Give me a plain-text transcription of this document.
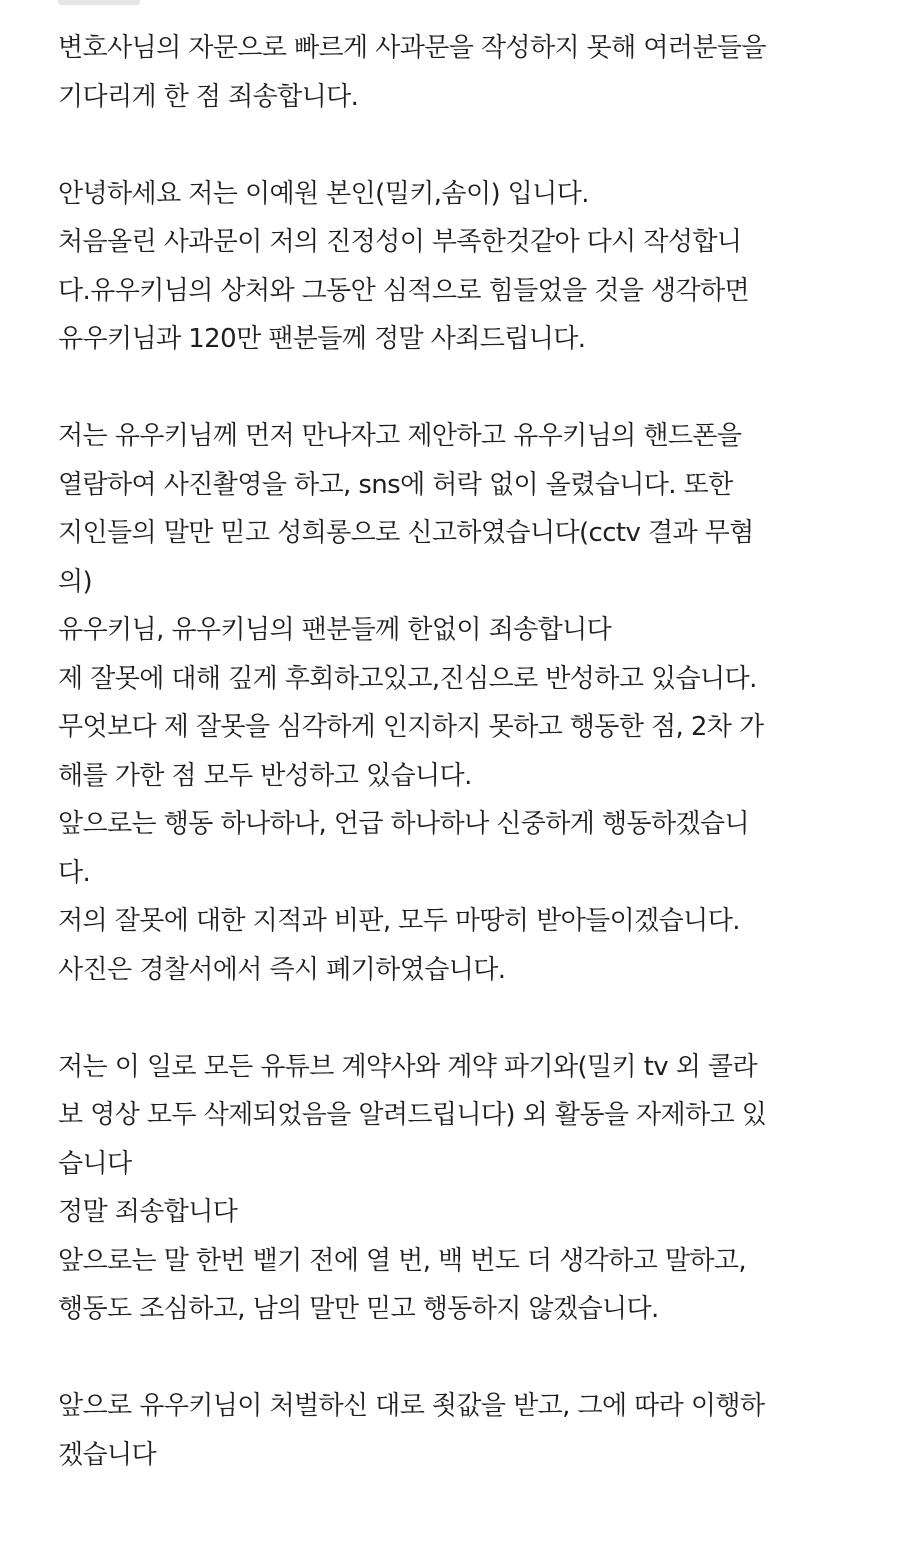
변호사님의 자문으로 빠르게 사과문을 작성하지 못해 여러분들을
기다리게 한 점 죄송합니다.
안녕하세요 저는 이예원 본인(밀키,솜이) 입니다.
처음올린 사과문이 저의 진정성이 부족한것같아 다시 작성합니
다.유우키님의 상처와 그동안 심적으로 힘들었을 것을 생각하면
유우키님과 120만 팬분들께 정말 사죄드립니다.
저는 유우키님께 먼저 만나자고 제안하고 유우키님의 핸드폰을
열람하여 사진촬영을 하고, sns에 허락 없이 올렸습니다. 또한
지인들의 말만 믿고 성희롱으로 신고하였습니다(cctv 결과 무혐
의)
유우키님, 유우키님의 팬분들께 한없이 죄송합니다
제 잘못에 대해 깊게 후회하고있고,진심으로 반성하고 있습니다.
무엇보다 제 잘못을 심각하게 인지하지 못하고 행동한 점, 2차 가
해를 가한 점 모두 반성하고 있습니다.
앞으로는 행동 하나하나, 언급 하나하나 신중하게 행동하겠습니
다.
저의 잘못에 대한 지적과 비판, 모두 마땅히 받아들이겠습니다.
사진은 경찰서에서 즉시 폐기하였습니다.
저는 이 일로 모든 유튜브 계약사와 계약 파기와(밀키 tv 외 콜라
보 영상 모두 삭제되었음을 알려드립니다) 외 활동을 자제하고 있
습니다
정말 죄송합니다
앞으로는 말 한번 뱉기 전에 열 번, 백 번도 더 생각하고 말하고,
행동도 조심하고, 남의 말만 믿고 행동하지 않겠습니다.
앞으로 유우키님이 처벌하신 대로 죗값을 받고, 그에 따라 이행하
겠습니다
